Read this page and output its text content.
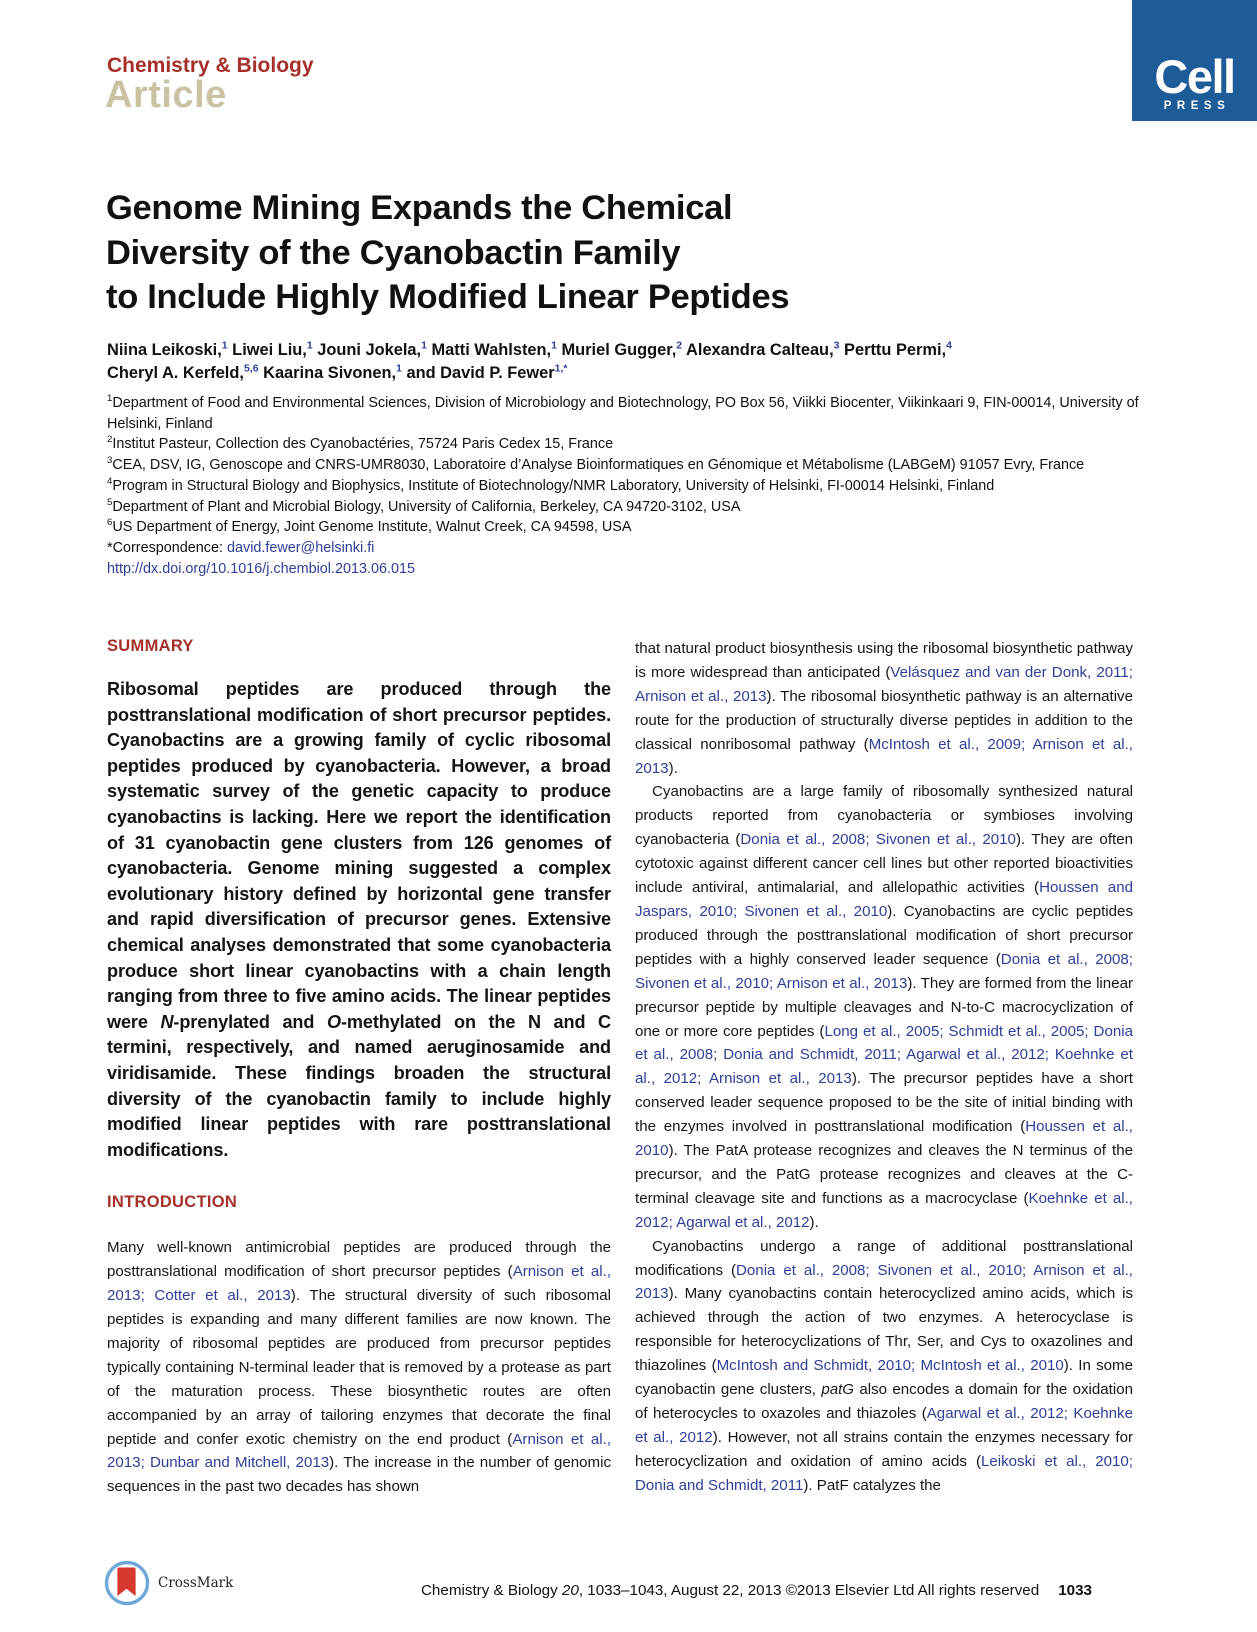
Chemistry & Biology
Article	Cell
PRESS
Genome Mining Expands the Chemical
Diversity of the Cyanobactin Family
to Include Highly Modified Linear Peptides
Niina Leikoski,$^1$ Liwei Liu,$^1$ Jouni Jokela,$^1$ Matti Wahlsten,$^1$ Muriel Gugger,$^2$ Alexandra Calteau,$^3$ Perttu Permi,$^4$
Cheryl A. Kerfeld,$^{5,6}$ Kaarina Sivonen,$^1$ and David P. Fewer$^{1,*}$
$^1$Department of Food and Environmental Sciences, Division of Microbiology and Biotechnology, PO Box 56, Viikki Biocenter, Viikinkaari 9, FIN-00014, University of Helsinki, Finland
$^2$Institut Pasteur, Collection des Cyanobactéries, 75724 Paris Cedex 15, France
$^3$CEA, DSV, IG, Genoscope and CNRS-UMR8030, Laboratoire d’Analyse Bioinformatiques en Génomique et Métabolisme (LABGeM) 91057 Evry, France
$^4$Program in Structural Biology and Biophysics, Institute of Biotechnology/NMR Laboratory, University of Helsinki, FI-00014 Helsinki, Finland
$^5$Department of Plant and Microbial Biology, University of California, Berkeley, CA 94720-3102, USA
$^6$US Department of Energy, Joint Genome Institute, Walnut Creek, CA 94598, USA
*Correspondence: david.fewer@helsinki.fi
http://dx.doi.org/10.1016/j.chembiol.2013.06.015
SUMMARY

Ribosomal peptides are produced through the posttranslational modification of short precursor peptides. Cyanobactins are a growing family of cyclic ribosomal peptides produced by cyanobacteria. However, a broad systematic survey of the genetic capacity to produce cyanobactins is lacking. Here we report the identification of 31 cyanobactin gene clusters from 126 genomes of cyanobacteria. Genome mining suggested a complex evolutionary history defined by horizontal gene transfer and rapid diversification of precursor genes. Extensive chemical analyses demonstrated that some cyanobacteria produce short linear cyanobactins with a chain length ranging from three to five amino acids. The linear peptides were N-prenylated and O-methylated on the N and C termini, respectively, and named aeruginosamide and viridisamide. These findings broaden the structural diversity of the cyanobactin family to include highly modified linear peptides with rare posttranslational modifications.

INTRODUCTION

Many well-known antimicrobial peptides are produced through the posttranslational modification of short precursor peptides (Arnison et al., 2013; Cotter et al., 2013). The structural diversity of such ribosomal peptides is expanding and many different families are now known. The majority of ribosomal peptides are produced from precursor peptides typically containing N-terminal leader that is removed by a protease as part of the maturation process. These biosynthetic routes are often accompanied by an array of tailoring enzymes that decorate the final peptide and confer exotic chemistry on the end product (Arnison et al., 2013; Dunbar and Mitchell, 2013). The increase in the number of genomic sequences in the past two decades has shown

that natural product biosynthesis using the ribosomal biosynthetic pathway is more widespread than anticipated (Velásquez and van der Donk, 2011; Arnison et al., 2013). The ribosomal biosynthetic pathway is an alternative route for the production of structurally diverse peptides in addition to the classical nonribosomal pathway (McIntosh et al., 2009; Arnison et al., 2013).

Cyanobactins are a large family of ribosomally synthesized natural products reported from cyanobacteria or symbioses involving cyanobacteria (Donia et al., 2008; Sivonen et al., 2010). They are often cytotoxic against different cancer cell lines but other reported bioactivities include antiviral, antimalarial, and allelopathic activities (Houssen and Jaspars, 2010; Sivonen et al., 2010). Cyanobactins are cyclic peptides produced through the posttranslational modification of short precursor peptides with a highly conserved leader sequence (Donia et al., 2008; Sivonen et al., 2010; Arnison et al., 2013). They are formed from the linear precursor peptide by multiple cleavages and N-to-C macrocyclization of one or more core peptides (Long et al., 2005; Schmidt et al., 2005; Donia et al., 2008; Donia and Schmidt, 2011; Agarwal et al., 2012; Koehnke et al., 2012; Arnison et al., 2013). The precursor peptides have a short conserved leader sequence proposed to be the site of initial binding with the enzymes involved in posttranslational modification (Houssen et al., 2010). The PatA protease recognizes and cleaves the N terminus of the precursor, and the PatG protease recognizes and cleaves at the C-terminal cleavage site and functions as a macrocyclase (Koehnke et al., 2012; Agarwal et al., 2012).

Cyanobactins undergo a range of additional posttranslational modifications (Donia et al., 2008; Sivonen et al., 2010; Arnison et al., 2013). Many cyanobactins contain heterocyclized amino acids, which is achieved through the action of two enzymes. A heterocyclase is responsible for heterocyclizations of Thr, Ser, and Cys to oxazolines and thiazolines (McIntosh and Schmidt, 2010; McIntosh et al., 2010). In some cyanobactin gene clusters, patG also encodes a domain for the oxidation of heterocycles to oxazoles and thiazoles (Agarwal et al., 2012; Koehnke et al., 2012). However, not all strains contain the enzymes necessary for heterocyclization and oxidation of amino acids (Leikoski et al., 2010; Donia and Schmidt, 2011). PatF catalyzes the

CrossMark	Chemistry & Biology 20, 1033–1043, August 22, 2013 ©2013 Elsevier Ltd All rights reserved 1033
